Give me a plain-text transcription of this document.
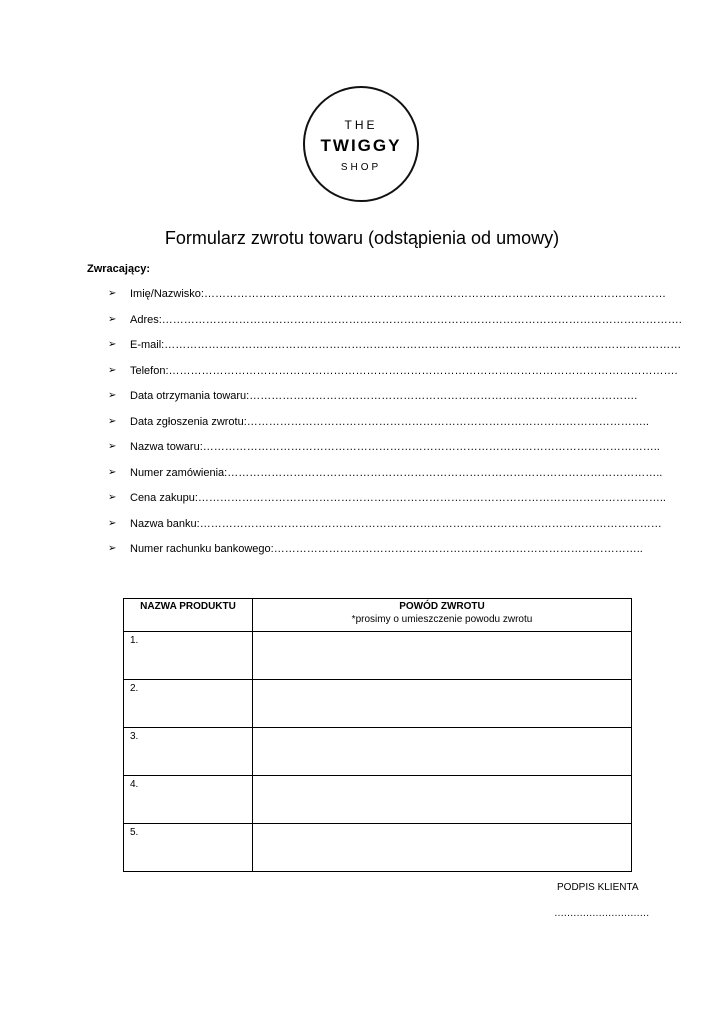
THE
TWIGGY
SHOP
Formularz zwrotu towaru (odstąpienia od umowy)
Zwracający:
➢ Imię/Nazwisko:………………………………………………………………………………………………………………
➢ Adres:…………………………………………………………………………………………………………………………….
➢ E-mail:……………………………………………………………………………………………………………………………
➢ Telefon:………………………………………………………………………………………………………………………….
➢ Data otrzymania towaru:…………………………………………………………………………………………….
➢ Data zgłoszenia zwrotu:………………………………………………………………………………………………..
➢ Nazwa towaru:……………………………………………………………………………………………………………..
➢ Numer zamówienia:………………………………………………………………………………………………………..
➢ Cena zakupu:………………………………………………………………………………………………………………..
➢ Nazwa banku:………………………………………………………………………………………………………………
➢ Numer rachunku bankowego:………………………………………………………………………………………..
NAZWA PRODUKTU	POWÓD ZWROTU
*prosimy o umieszczenie powodu zwrotu

1.	
2.	
3.	
4.	
5.	
PODPIS KLIENTA
…………………………
